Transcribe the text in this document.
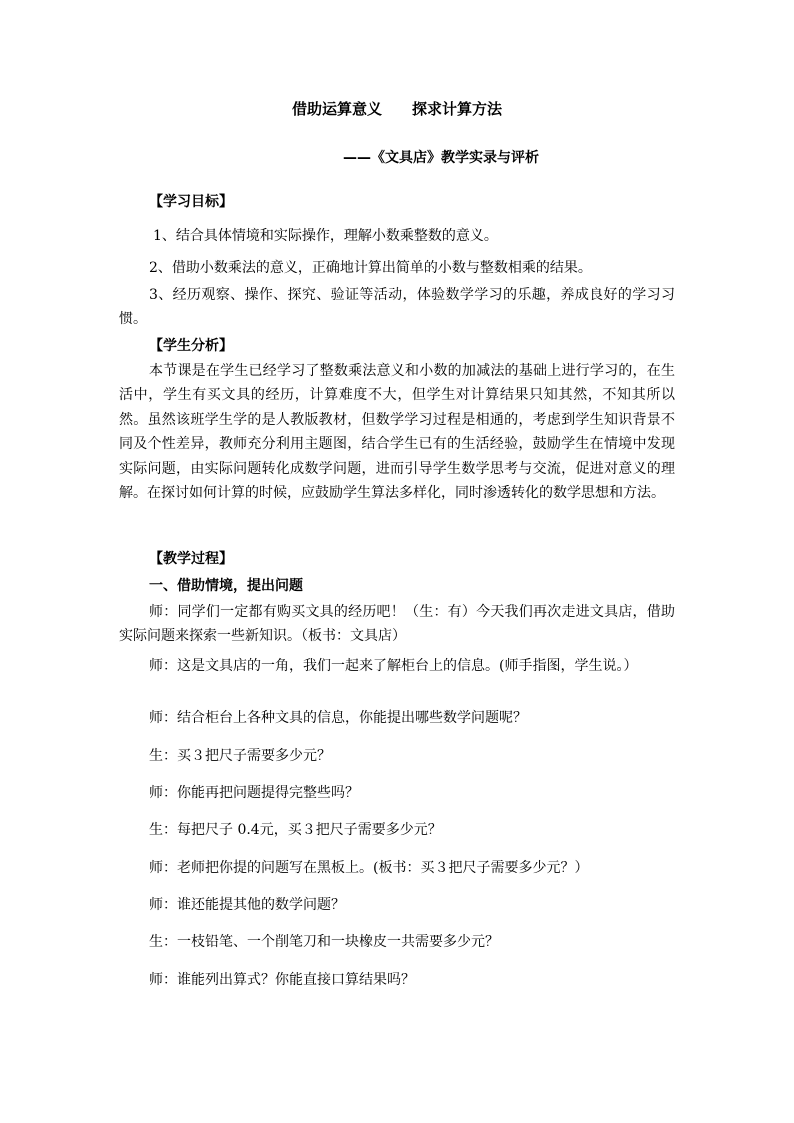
借助运算意义 探求计算方法
——《文具店》教学实录与评析
【学习目标】
1、结合具体情境和实际操作，理解小数乘整数的意义。
2、借助小数乘法的意义，正确地计算出简单的小数与整数相乘的结果。
3、经历观察、操作、探究、验证等活动，体验数学学习的乐趣，养成良好的学习习惯。
【学生分析】
本节课是在学生已经学习了整数乘法意义和小数的加减法的基础上进行学习的，在生活中，学生有买文具的经历，计算难度不大，但学生对计算结果只知其然，不知其所以然。虽然该班学生学的是人教版教材，但数学学习过程是相通的，考虑到学生知识背景不同及个性差异，教师充分利用主题图，结合学生已有的生活经验，鼓励学生在情境中发现实际问题，由实际问题转化成数学问题，进而引导学生数学思考与交流，促进对意义的理解。在探讨如何计算的时候，应鼓励学生算法多样化，同时渗透转化的数学思想和方法。
【教学过程】
一、借助情境，提出问题
师：同学们一定都有购买文具的经历吧！（生：有）今天我们再次走进文具店，借助实际问题来探索一些新知识。（板书：文具店）
师：这是文具店的一角，我们一起来了解柜台上的信息。(师手指图，学生说。）
师：结合柜台上各种文具的信息，你能提出哪些数学问题呢？
生：买３把尺子需要多少元？
师：你能再把问题提得完整些吗？
生：每把尺子 0.4元，买３把尺子需要多少元？
师：老师把你提的问题写在黑板上。(板书：买３把尺子需要多少元？）
师：谁还能提其他的数学问题？
生：一枝铅笔、一个削笔刀和一块橡皮一共需要多少元？
师：谁能列出算式？你能直接口算结果吗？
